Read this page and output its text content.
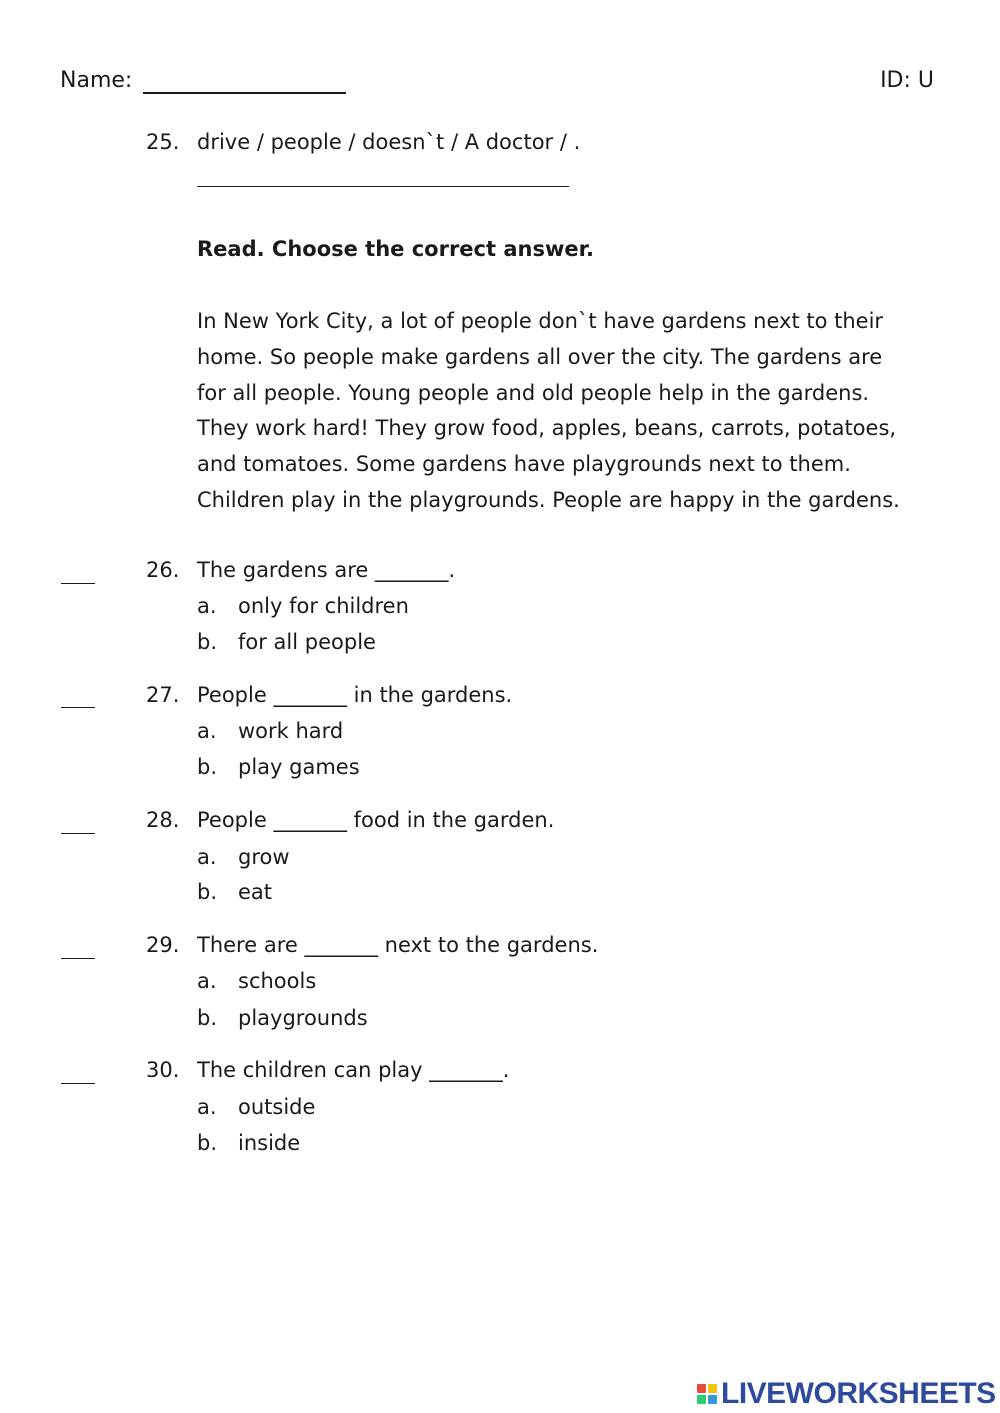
Name:	ID: U
25. drive / people / doesn`t / A doctor / .
Read. Choose the correct answer.
In New York City, a lot of people don`t have gardens next to their
home. So people make gardens all over the city. The gardens are
for all people. Young people and old people help in the gardens.
They work hard! They grow food, apples, beans, carrots, potatoes,
and tomatoes. Some gardens have playgrounds next to them.
Children play in the playgrounds. People are happy in the gardens.
26. The gardens are _______.
a. only for children
b. for all people
27. People _______ in the gardens.
a. work hard
b. play games
28. People _______ food in the garden.
a. grow
b. eat
29. There are _______ next to the gardens.
a. schools
b. playgrounds
30. The children can play _______.
a. outside
b. inside
LIVEWORKSHEETS
